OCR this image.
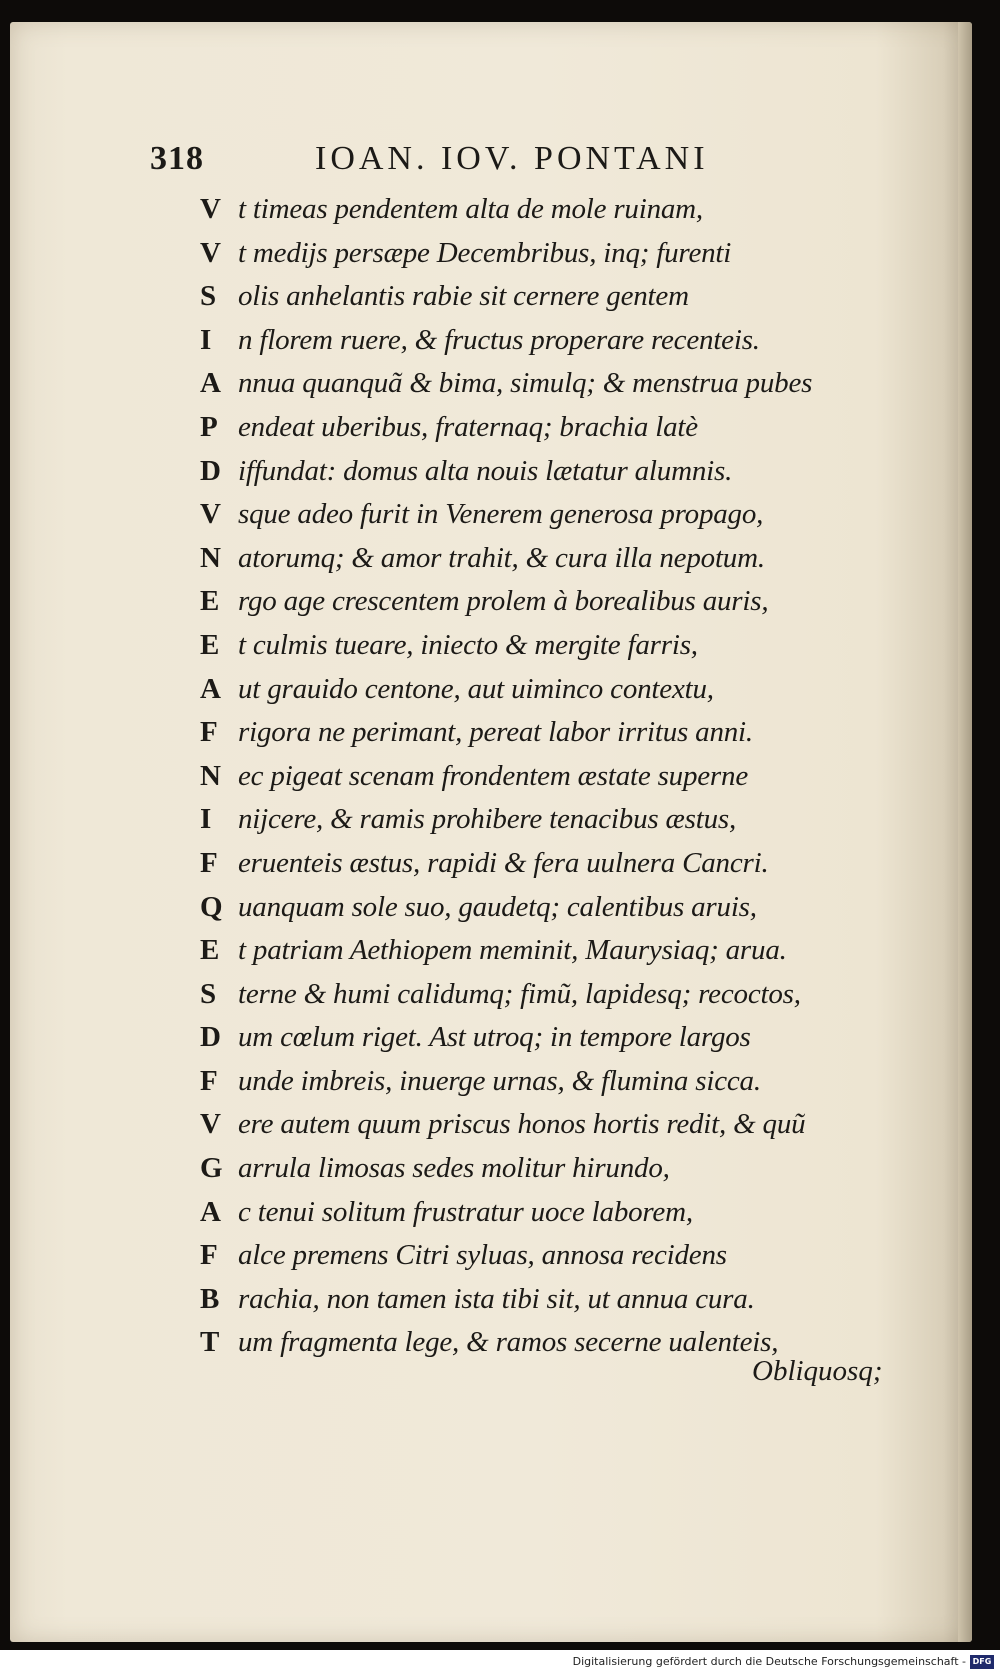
318	IOAN. IOV. PONTANI
V t timeas pendentem alta de mole ruinam,
V t medijs persæpe Decembribus, inq; furenti
S olis anhelantis rabie sit cernere gentem
I n florem ruere, & fructus properare recenteis.
A nnua quanquã & bima, simulq; & menstrua pubes
P endeat uberibus, fraternaq; brachia latè
D iffundat: domus alta nouis lætatur alumnis.
V sque adeo furit in Venerem generosa propago,
N atorumq; & amor trahit, & cura illa nepotum.
E rgo age crescentem prolem à borealibus auris,
E t culmis tueare, iniecto & mergite farris,
A ut grauido centone, aut uiminco contextu,
F rigora ne perimant, pereat labor irritus anni.
N ec pigeat scenam frondentem æstate superne
I nijcere, & ramis prohibere tenacibus æstus,
F eruenteis æstus, rapidi & fera uulnera Cancri.
Q uanquam sole suo, gaudetq; calentibus aruis,
E t patriam Aethiopem meminit, Maurysiaq; arua.
S terne & humi calidumq; fimũ, lapidesq; recoctos,
D um cœlum riget. Ast utroq; in tempore largos
F unde imbreis, inuerge urnas, & flumina sicca.
V ere autem quum priscus honos hortis redit, & quũ
G arrula limosas sedes molitur hirundo,
A c tenui solitum frustratur uoce laborem,
F alce premens Citri syluas, annosa recidens
B rachia, non tamen ista tibi sit, ut annua cura.
T um fragmenta lege, & ramos secerne ualenteis,
Obliquosq;
Digitalisierung gefördert durch die Deutsche Forschungsgemeinschaft - DFG
